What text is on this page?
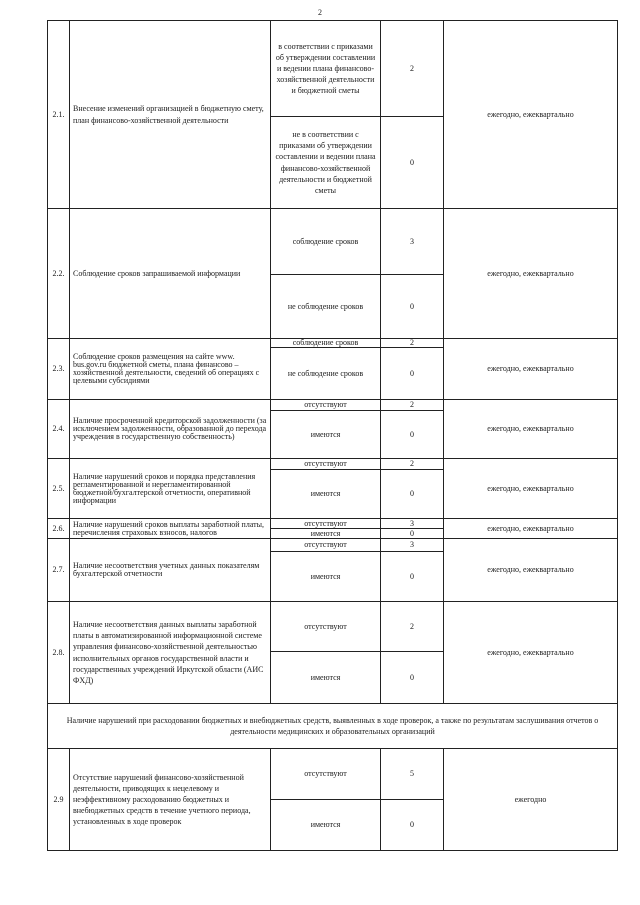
2
2.1.	Внесение изменений организацией в бюджетную смету, план финансово-хозяйственной деятельности	в соответствии с приказами об утверждении составлении и ведении плана финансово-хозяйственной деятельности и бюджетной сметы	2	ежегодно, ежеквартально
		не в соответствии с приказами об утверждении составлении и ведении плана финансово-хозяйственной деятельности и бюджетной сметы	0	
2.2.	Соблюдение сроков запрашиваемой информации	соблюдение сроков	3	ежегодно, ежеквартально
		не соблюдение сроков	0	
2.3.	Соблюдение сроков размещения на сайте www. bus.gov.ru бюджетной сметы, плана финансово – хозяйственной деятельности, сведений об операциях с целевыми субсидиями	соблюдение сроков	2	ежегодно, ежеквартально
		не соблюдение сроков	0	
2.4.	Наличие просроченной кредиторской задолженности (за исключением задолженности, образованной до перехода учреждения в государственную собственность)	отсутствуют	2	ежегодно, ежеквартально
		имеются	0	
2.5.	Наличие нарушений сроков и порядка представления регламентированной и нерегламентированной бюджетной/бухгалтерской отчетности, оперативной информации	отсутствуют	2	ежегодно, ежеквартально
		имеются	0	
2.6.	Наличие нарушений сроков выплаты заработной платы, перечисления страховых взносов, налогов	отсутствуют	3	ежегодно, ежеквартально
		имеются	0	
2.7.	Наличие несоответствия учетных данных показателям бухгалтерской отчетности	отсутствуют	3	ежегодно, ежеквартально
		имеются	0	
2.8.	Наличие несоответствия данных выплаты заработной платы в автоматизированной информационной системе управления финансово-хозяйственной деятельностью исполнительных органов государственной власти и государственных учреждений Иркутской области (АИС ФХД)	отсутствуют	2	ежегодно, ежеквартально
		имеются	0	
Наличие нарушений при расходовании бюджетных и внебюджетных средств, выявленных в ходе проверок, а также по результатам заслушивания отчетов о деятельности медицинских и образовательных организаций				
2.9	Отсутствие нарушений финансово-хозяйственной деятельности, приводящих к нецелевому и неэффективному расходованию бюджетных и внебюджетных средств в течение учетного периода, установленных в ходе проверок	отсутствуют	5	ежегодно
		имеются	0	
